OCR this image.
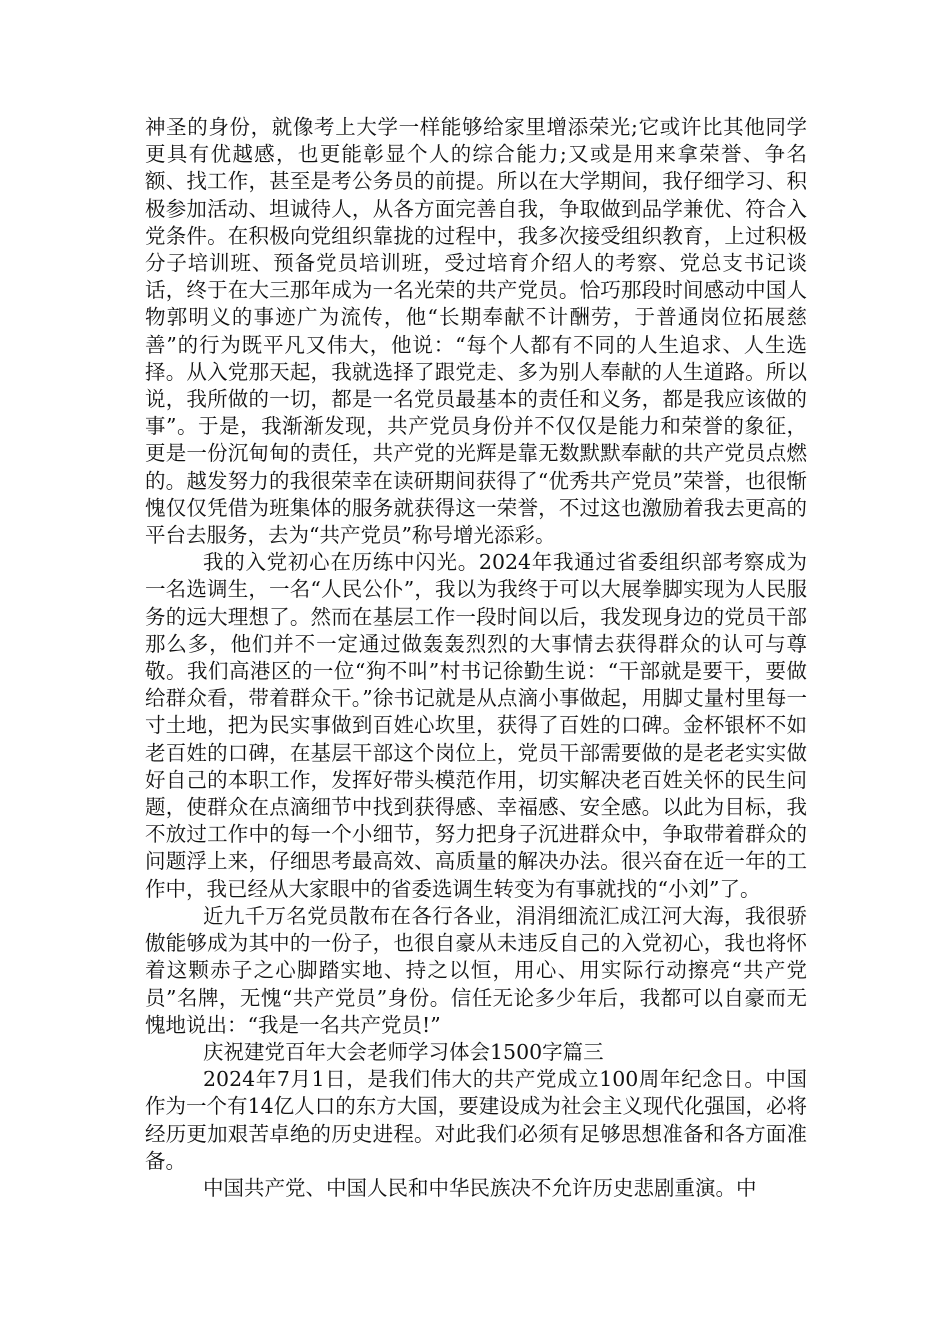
神圣的身份，就像考上大学一样能够给家里增添荣光;它或许比其他同学更具有优越感，也更能彰显个人的综合能力;又或是用来拿荣誉、争名额、找工作，甚至是考公务员的前提。所以在大学期间，我仔细学习、积极参加活动、坦诚待人，从各方面完善自我，争取做到品学兼优、符合入党条件。在积极向党组织靠拢的过程中，我多次接受组织教育，上过积极分子培训班、预备党员培训班，受过培育介绍人的考察、党总支书记谈话，终于在大三那年成为一名光荣的共产党员。恰巧那段时间感动中国人物郭明义的事迹广为流传，他“长期奉献不计酬劳，于普通岗位拓展慈善”的行为既平凡又伟大，他说：“每个人都有不同的人生追求、人生选择。从入党那天起，我就选择了跟党走、多为别人奉献的人生道路。所以说，我所做的一切，都是一名党员最基本的责任和义务，都是我应该做的事”。于是，我渐渐发现，共产党员身份并不仅仅是能力和荣誉的象征，更是一份沉甸甸的责任，共产党的光辉是靠无数默默奉献的共产党员点燃的。越发努力的我很荣幸在读研期间获得了“优秀共产党员”荣誉，也很惭愧仅仅凭借为班集体的服务就获得这一荣誉，不过这也激励着我去更高的平台去服务，去为“共产党员”称号增光添彩。

我的入党初心在历练中闪光。2024年我通过省委组织部考察成为一名选调生，一名“人民公仆”，我以为我终于可以大展拳脚实现为人民服务的远大理想了。然而在基层工作一段时间以后，我发现身边的党员干部那么多，他们并不一定通过做轰轰烈烈的大事情去获得群众的认可与尊敬。我们高港区的一位“狗不叫”村书记徐勤生说：“干部就是要干，要做给群众看，带着群众干。”徐书记就是从点滴小事做起，用脚丈量村里每一寸土地，把为民实事做到百姓心坎里，获得了百姓的口碑。金杯银杯不如老百姓的口碑，在基层干部这个岗位上，党员干部需要做的是老老实实做好自己的本职工作，发挥好带头模范作用，切实解决老百姓关怀的民生问题，使群众在点滴细节中找到获得感、幸福感、安全感。以此为目标，我不放过工作中的每一个小细节，努力把身子沉进群众中，争取带着群众的问题浮上来，仔细思考最高效、高质量的解决办法。很兴奋在近一年的工作中，我已经从大家眼中的省委选调生转变为有事就找的“小刘”了。

近九千万名党员散布在各行各业，涓涓细流汇成江河大海，我很骄傲能够成为其中的一份子，也很自豪从未违反自己的入党初心，我也将怀着这颗赤子之心脚踏实地、持之以恒，用心、用实际行动擦亮“共产党员”名牌，无愧“共产党员”身份。信任无论多少年后，我都可以自豪而无愧地说出：“我是一名共产党员!”

庆祝建党百年大会老师学习体会1500字篇三

2024年7月1日，是我们伟大的共产党成立100周年纪念日。中国作为一个有14亿人口的东方大国，要建设成为社会主义现代化强国，必将经历更加艰苦卓绝的历史进程。对此我们必须有足够思想准备和各方面准备。

中国共产党、中国人民和中华民族决不允许历史悲剧重演。中
